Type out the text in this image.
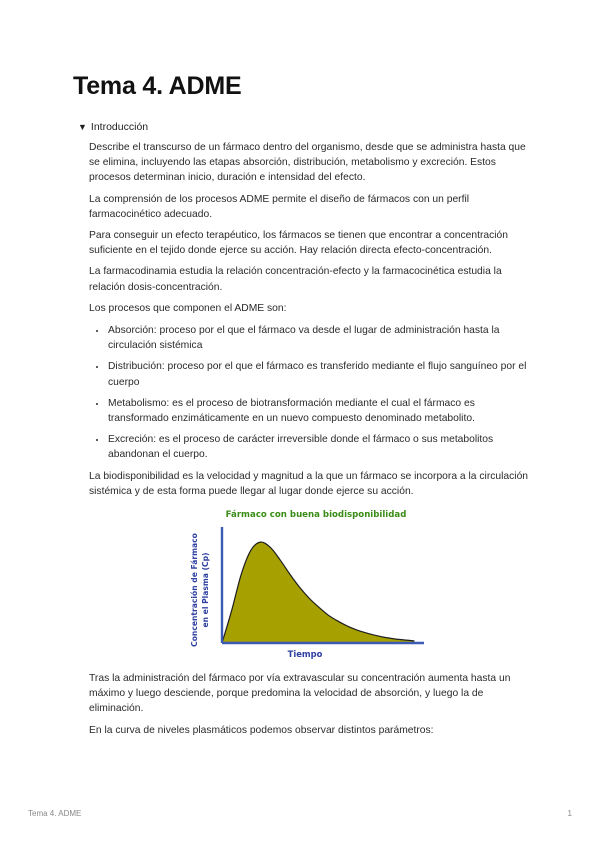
Tema 4. ADME
▼ Introducción

Describe el transcurso de un fármaco dentro del organismo, desde que se administra hasta que se elimina, incluyendo las etapas absorción, distribución, metabolismo y excreción. Estos procesos determinan inicio, duración e intensidad del efecto.

La comprensión de los procesos ADME permite el diseño de fármacos con un perfil farmacocinético adecuado.

Para conseguir un efecto terapéutico, los fármacos se tienen que encontrar a concentración suficiente en el tejido donde ejerce su acción. Hay relación directa efecto-concentración.

La farmacodinamia estudia la relación concentración-efecto y la farmacocinética estudia la relación dosis-concentración.

Los procesos que componen el ADME son:

• Absorción: proceso por el que el fármaco va desde el lugar de administración hasta la circulación sistémica
• Distribución: proceso por el que el fármaco es transferido mediante el flujo sanguíneo por el cuerpo
• Metabolismo: es el proceso de biotransformación mediante el cual el fármaco es transformado enzimáticamente en un nuevo compuesto denominado metabolito.
• Excreción: es el proceso de carácter irreversible donde el fármaco o sus metabolitos abandonan el cuerpo.

La biodisponibilidad es la velocidad y magnitud a la que un fármaco se incorpora a la circulación sistémica y de esta forma puede llegar al lugar donde ejerce su acción.

Fármaco con buena biodisponibilidad
Concentración de Fármaco en el Plasma (Cp)
Tiempo

Tras la administración del fármaco por vía extravascular su concentración aumenta hasta un máximo y luego desciende, porque predomina la velocidad de absorción, y luego la de eliminación.

En la curva de niveles plasmáticos podemos observar distintos parámetros:

Tema 4. ADME	1
